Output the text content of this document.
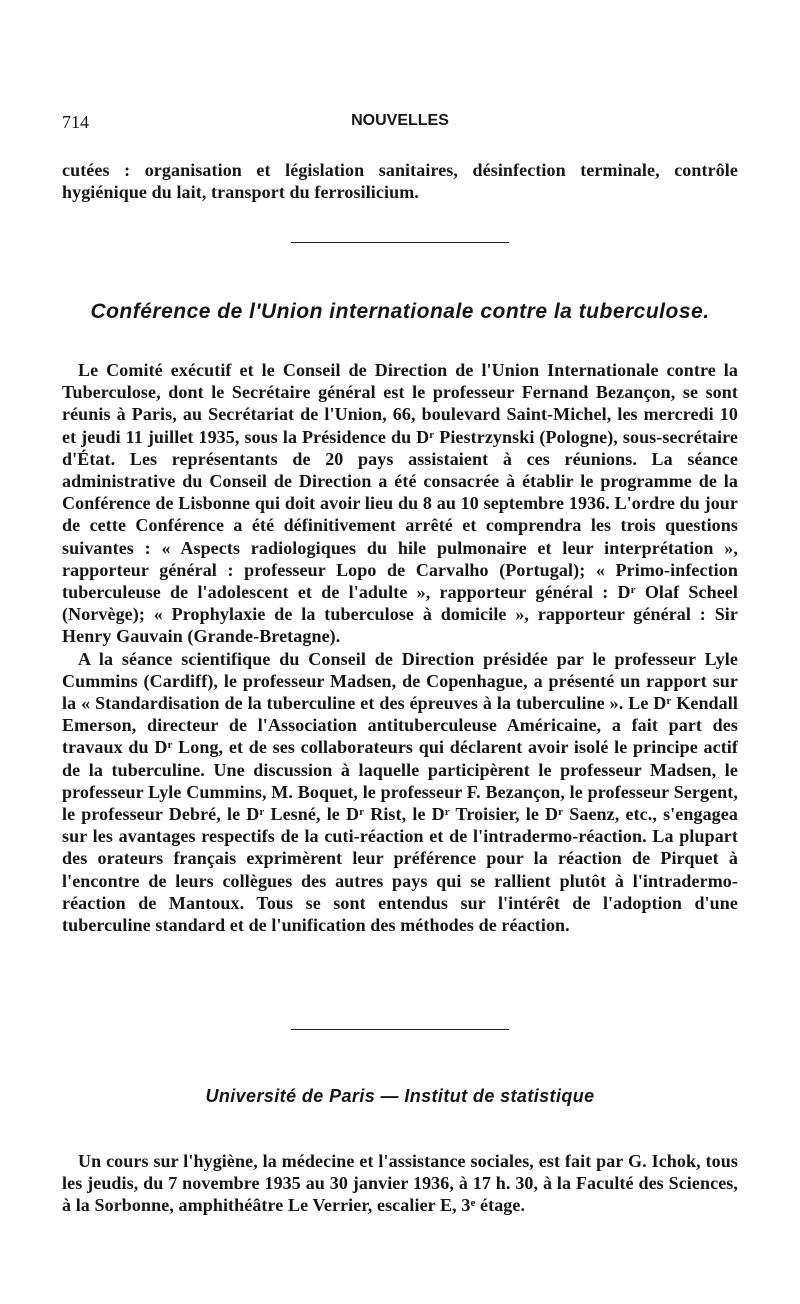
714	NOUVELLES

cutées : organisation et législation sanitaires, désinfection terminale, contrôle hygiénique du lait, transport du ferrosilicium.

Conférence de l'Union internationale contre la tuberculose.

Le Comité exécutif et le Conseil de Direction de l'Union Internationale contre la Tuberculose, dont le Secrétaire général est le professeur Fernand Bezançon, se sont réunis à Paris, au Secrétariat de l'Union, 66, boulevard Saint-Michel, les mercredi 10 et jeudi 11 juillet 1935, sous la Présidence du $D^r$ Piestrzynski (Pologne), sous-secrétaire d'État. Les représentants de 20 pays assistaient à ces réunions. La séance administrative du Conseil de Direction a été consacrée à établir le programme de la Conférence de Lisbonne qui doit avoir lieu du 8 au 10 septembre 1936. L'ordre du jour de cette Conférence a été définitivement arrêté et comprendra les trois questions suivantes : « Aspects radiologiques du hile pulmonaire et leur interprétation », rapporteur général : professeur Lopo de Carvalho (Portugal); « Primo-infection tuberculeuse de l'adolescent et de l'adulte », rapporteur général : $D^r$ Olaf Scheel (Norvège); « Prophylaxie de la tuberculose à domicile », rapporteur général : Sir Henry Gauvain (Grande-Bretagne).

A la séance scientifique du Conseil de Direction présidée par le professeur Lyle Cummins (Cardiff), le professeur Madsen, de Copenhague, a présenté un rapport sur la « Standardisation de la tuberculine et des épreuves à la tuberculine ». Le $D^r$ Kendall Emerson, directeur de l'Association antituberculeuse Américaine, a fait part des travaux du $D^r$ Long, et de ses collaborateurs qui déclarent avoir isolé le principe actif de la tuberculine. Une discussion à laquelle participèrent le professeur Madsen, le professeur Lyle Cummins, M. Boquet, le professeur F. Bezançon, le professeur Sergent, le professeur Debré, le $D^r$ Lesné, le $D^r$ Rist, le $D^r$ Troisier, le $D^r$ Saenz, etc., s'engagea sur les avantages respectifs de la cuti-réaction et de l'intradermo-réaction. La plupart des orateurs français exprimèrent leur préférence pour la réaction de Pirquet à l'encontre de leurs collègues des autres pays qui se rallient plutôt à l'intradermo-réaction de Mantoux. Tous se sont entendus sur l'intérêt de l'adoption d'une tuberculine standard et de l'unification des méthodes de réaction.

Université de Paris — Institut de statistique

Un cours sur l'hygiène, la médecine et l'assistance sociales, est fait par G. Ichok, tous les jeudis, du 7 novembre 1935 au 30 janvier 1936, à 17 h. 30, à la Faculté des Sciences, à la Sorbonne, amphithéâtre Le Verrier, escalier E, 3e étage.
